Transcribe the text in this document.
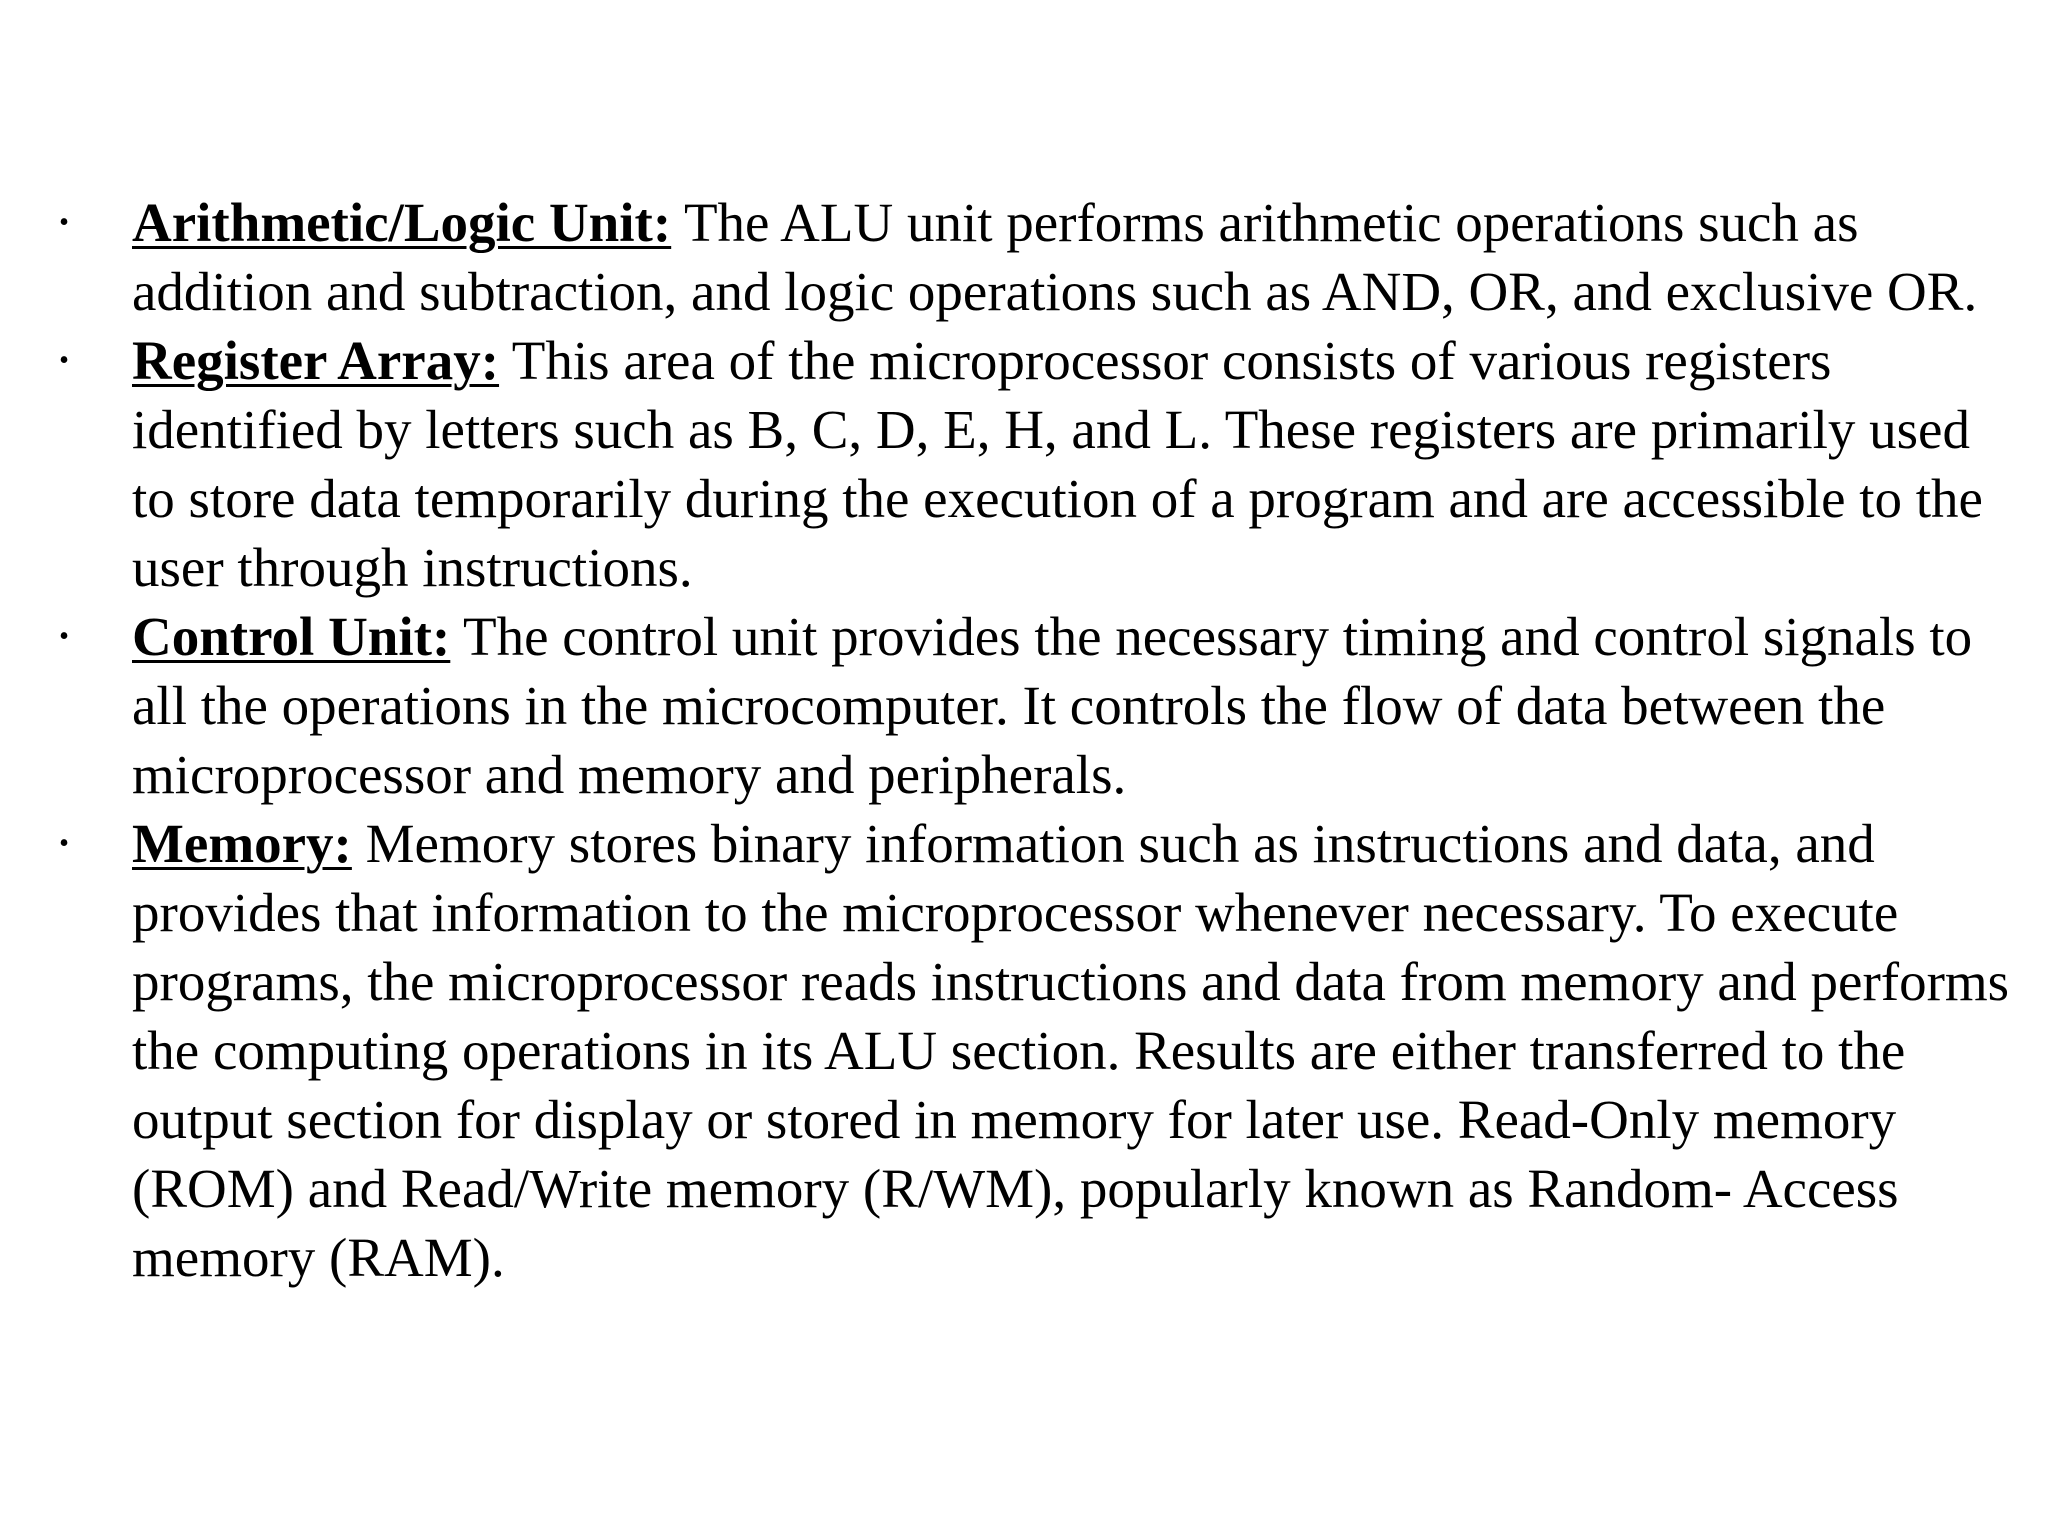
• Arithmetic/Logic Unit: The ALU unit performs arithmetic operations such as addition and subtraction, and logic operations such as AND, OR, and exclusive OR.
• Register Array: This area of the microprocessor consists of various registers identified by letters such as B, C, D, E, H, and L. These registers are primarily used to store data temporarily during the execution of a program and are accessible to the user through instructions.
• Control Unit: The control unit provides the necessary timing and control signals to all the operations in the microcomputer. It controls the flow of data between the microprocessor and memory and peripherals.
• Memory: Memory stores binary information such as instructions and data, and provides that information to the microprocessor whenever necessary. To execute programs, the microprocessor reads instructions and data from memory and performs the computing operations in its ALU section. Results are either transferred to the output section for display or stored in memory for later use. Read-Only memory (ROM) and Read/Write memory (R/WM), popularly known as Random- Access memory (RAM).
